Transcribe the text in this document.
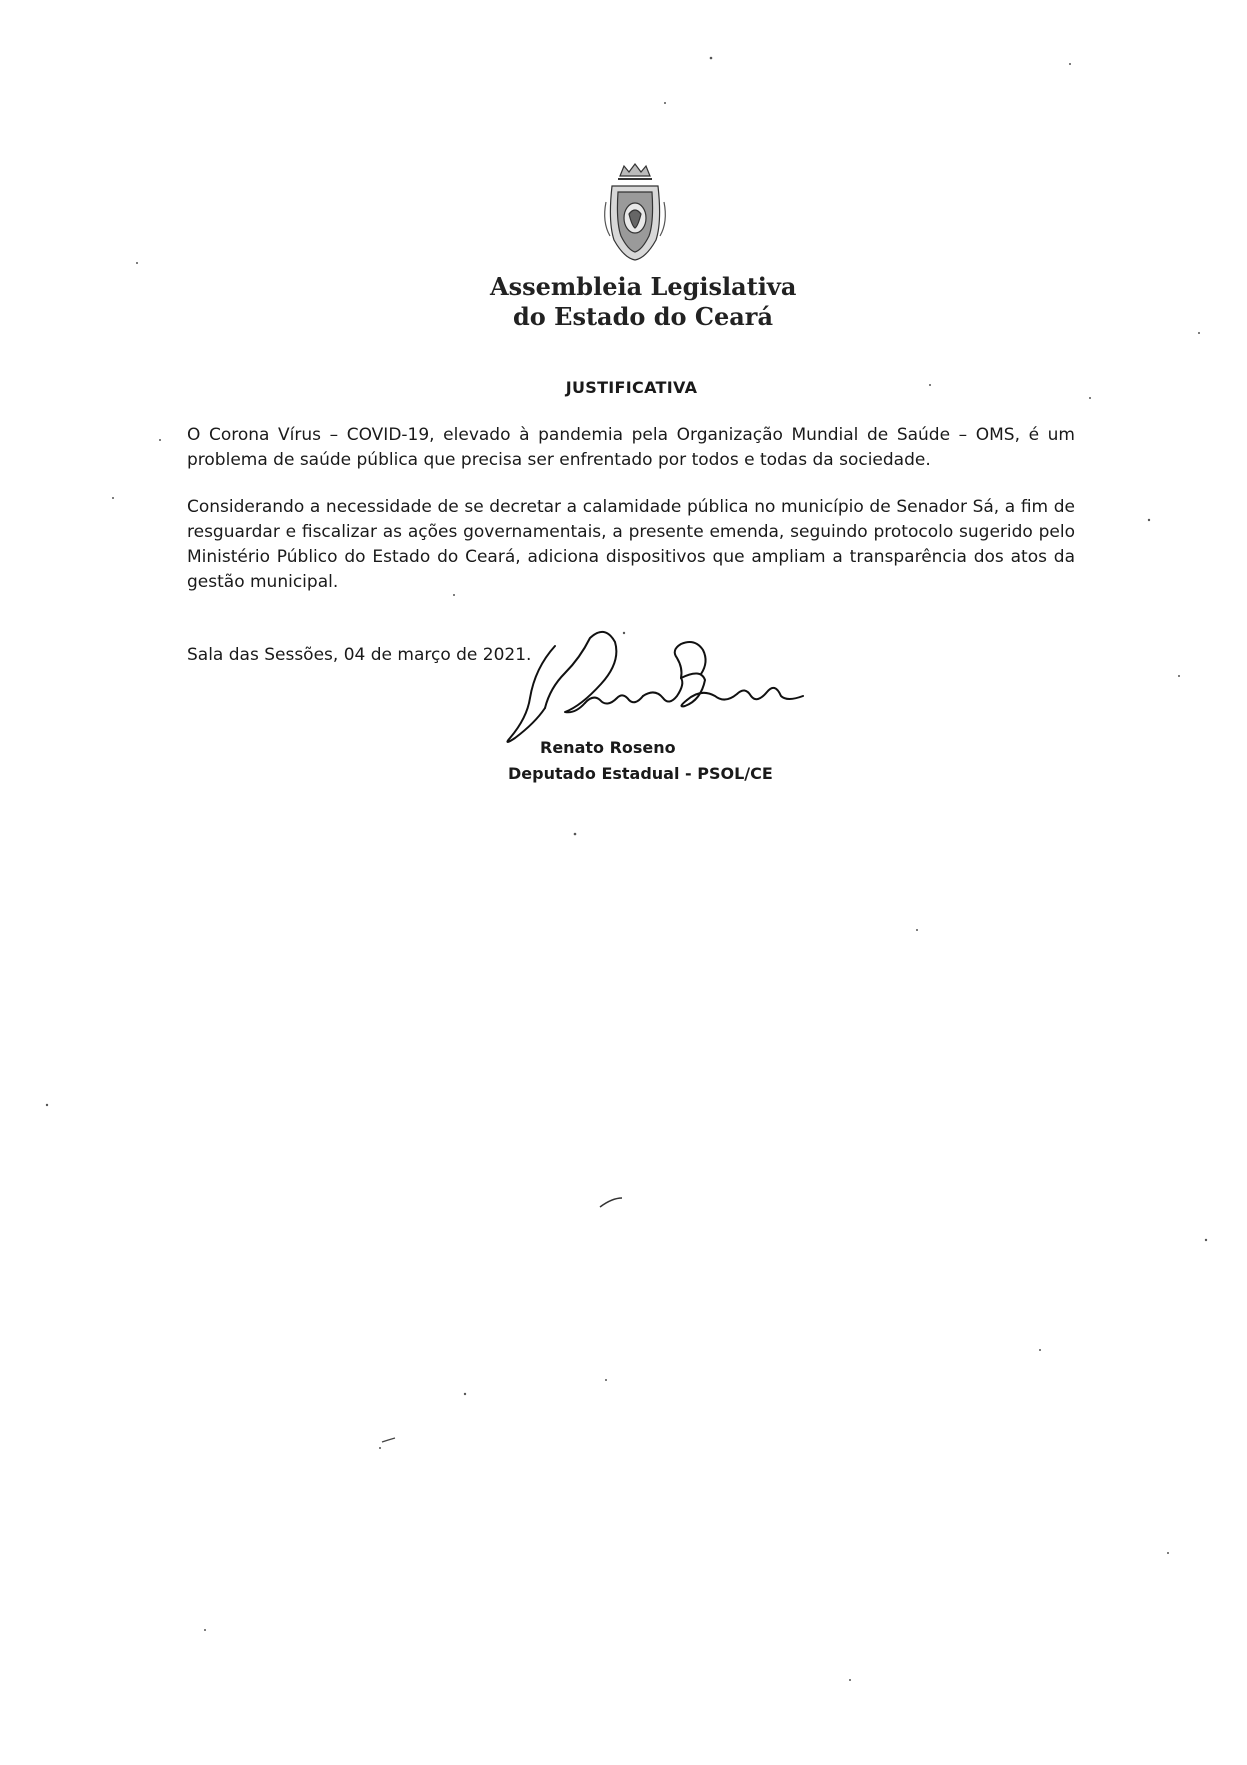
Assembleia Legislativa
do Estado do Ceará
JUSTIFICATIVA
O Corona Vírus – COVID-19, elevado à pandemia pela Organização Mundial de Saúde – OMS, é um problema de saúde pública que precisa ser enfrentado por todos e todas da sociedade.
Considerando a necessidade de se decretar a calamidade pública no município de Senador Sá, a fim de resguardar e fiscalizar as ações governamentais, a presente emenda, seguindo protocolo sugerido pelo Ministério Público do Estado do Ceará, adiciona dispositivos que ampliam a transparência dos atos da gestão municipal.
Sala das Sessões, 04 de março de 2021.
Renato Roseno
Deputado Estadual - PSOL/CE
